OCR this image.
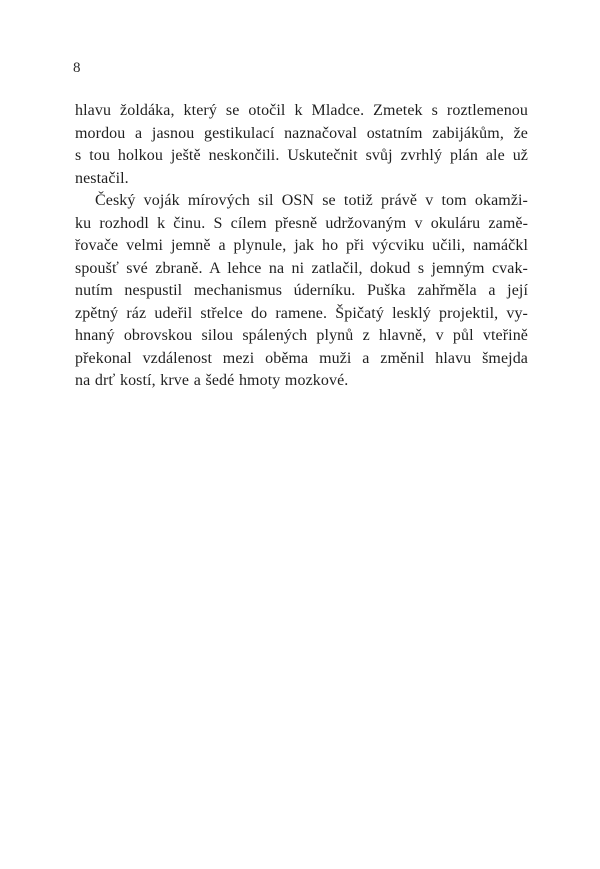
8
hlavu žoldáka, který se otočil k Mladce. Zmetek s roztlemenou
mordou a jasnou gestikulací naznačoval ostatním zabijákům, že
s tou holkou ještě neskončili. Uskutečnit svůj zvrhlý plán ale už
nestačil.
Český voják mírových sil OSN se totiž právě v tom okamži-
ku rozhodl k činu. S cílem přesně udržovaným v okuláru zamě-
řovače velmi jemně a plynule, jak ho při výcviku učili, namáčkl
spoušť své zbraně. A lehce na ni zatlačil, dokud s jemným cvak-
nutím nespustil mechanismus úderníku. Puška zahřměla a její
zpětný ráz udeřil střelce do ramene. Špičatý lesklý projektil, vy-
hnaný obrovskou silou spálených plynů z hlavně, v půl vteřině
překonal vzdálenost mezi oběma muži a změnil hlavu šmejda
na drť kostí, krve a šedé hmoty mozkové.
